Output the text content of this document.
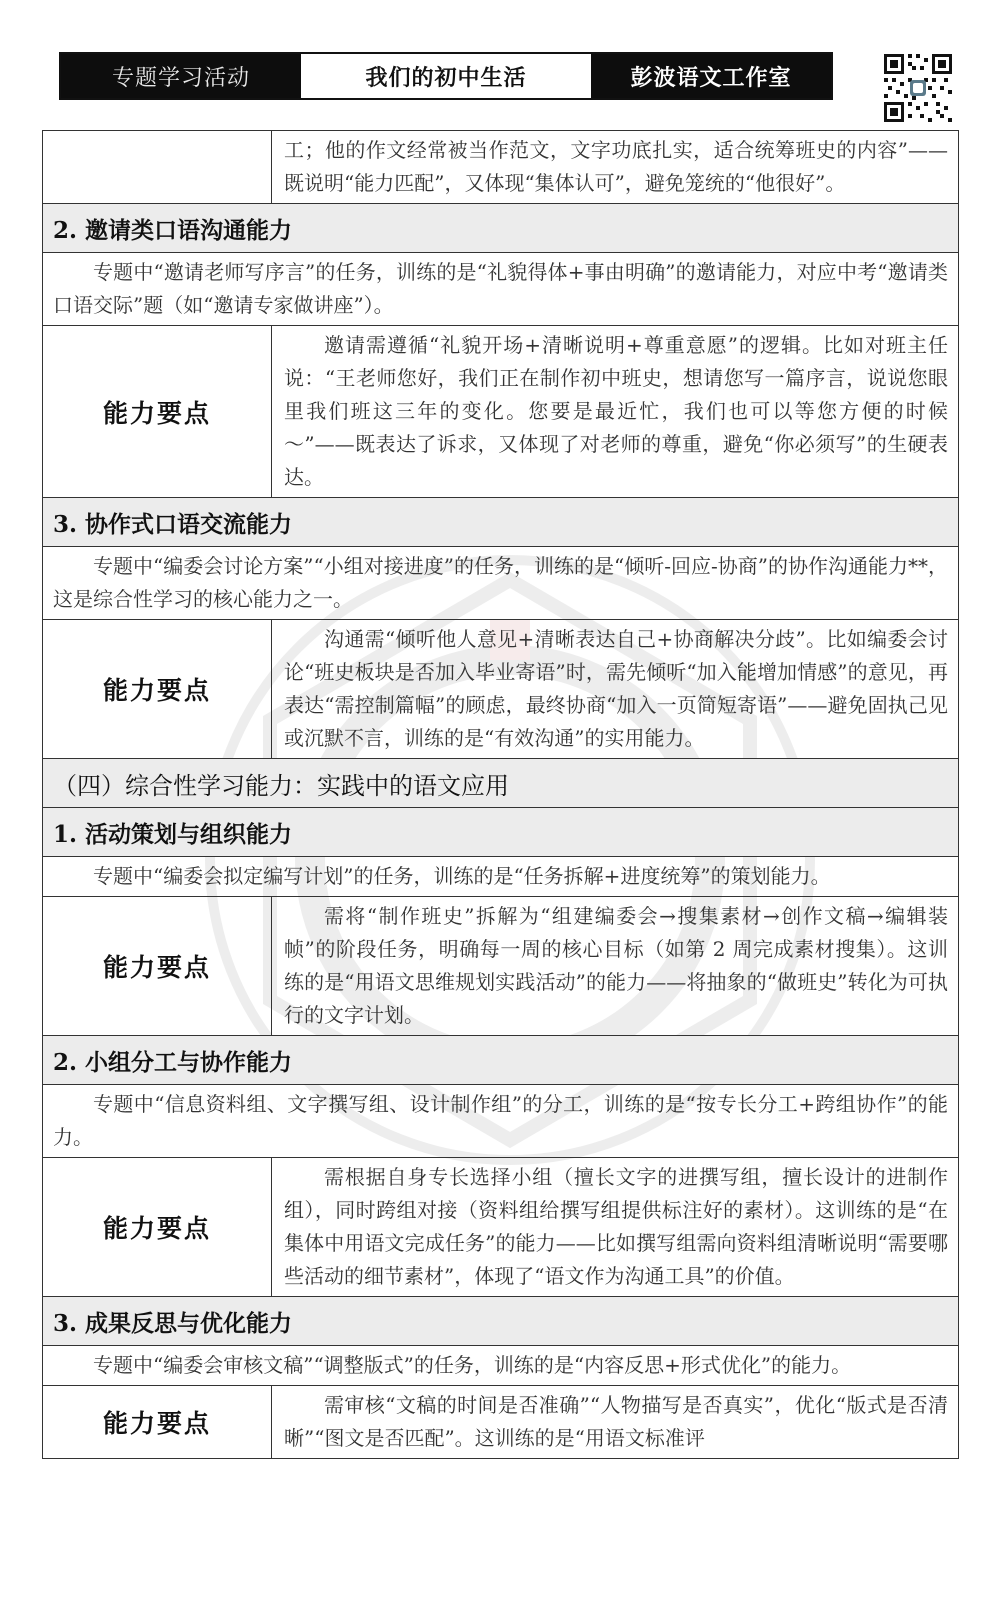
专题学习活动	我们的初中生活	彭波语文工作室
工；他的作文经常被当作范文，文字功底扎实，适合统筹班史的内容”——既说明“能力匹配”，又体现“集体认可”，避免笼统的“他很好”。
2. 邀请类口语沟通能力
专题中“邀请老师写序言”的任务，训练的是“礼貌得体+事由明确”的邀请能力，对应中考“邀请类口语交际”题（如“邀请专家做讲座”）。
能力要点
邀请需遵循“礼貌开场+清晰说明+尊重意愿”的逻辑。比如对班主任说：“王老师您好，我们正在制作初中班史，想请您写一篇序言，说说您眼里我们班这三年的变化。您要是最近忙，我们也可以等您方便的时候～”——既表达了诉求，又体现了对老师的尊重，避免“你必须写”的生硬表达。
3. 协作式口语交流能力
专题中“编委会讨论方案”“小组对接进度”的任务，训练的是“倾听-回应-协商”的协作沟通能力**，这是综合性学习的核心能力之一。
能力要点
沟通需“倾听他人意见+清晰表达自己+协商解决分歧”。比如编委会讨论“班史板块是否加入毕业寄语”时，需先倾听“加入能增加情感”的意见，再表达“需控制篇幅”的顾虑，最终协商“加入一页简短寄语”——避免固执己见或沉默不言，训练的是“有效沟通”的实用能力。
（四）综合性学习能力：实践中的语文应用
1. 活动策划与组织能力
专题中“编委会拟定编写计划”的任务，训练的是“任务拆解+进度统筹”的策划能力。
能力要点
需将“制作班史”拆解为“组建编委会→搜集素材→创作文稿→编辑装帧”的阶段任务，明确每一周的核心目标（如第 2 周完成素材搜集）。这训练的是“用语文思维规划实践活动”的能力——将抽象的“做班史”转化为可执行的文字计划。
2. 小组分工与协作能力
专题中“信息资料组、文字撰写组、设计制作组”的分工，训练的是“按专长分工+跨组协作”的能力。
能力要点
需根据自身专长选择小组（擅长文字的进撰写组，擅长设计的进制作组），同时跨组对接（资料组给撰写组提供标注好的素材）。这训练的是“在集体中用语文完成任务”的能力——比如撰写组需向资料组清晰说明“需要哪些活动的细节素材”，体现了“语文作为沟通工具”的价值。
3. 成果反思与优化能力
专题中“编委会审核文稿”“调整版式”的任务，训练的是“内容反思+形式优化”的能力。
能力要点
需审核“文稿的时间是否准确”“人物描写是否真实”，优化“版式是否清晰”“图文是否匹配”。这训练的是“用语文标准评
